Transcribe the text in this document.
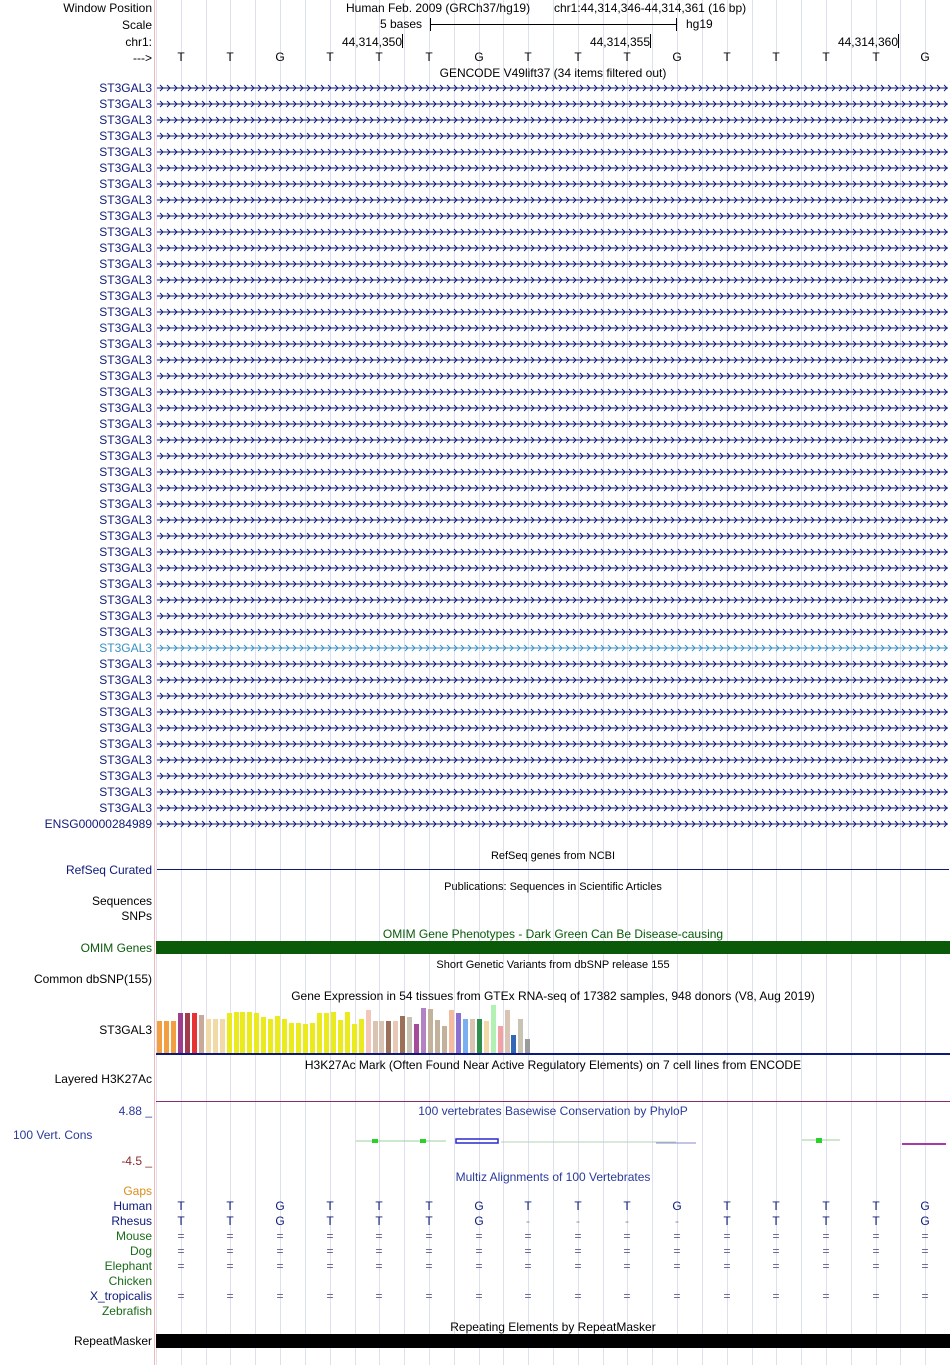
Window Position	Human Feb. 2009 (GRCh37/hg19) chr1:44,314,346-44,314,361 (16 bp)
Scale	5 bases	hg19
chr1:	44,314,350	44,314,355	44,314,360
--->	T	T	G	T	T	T	G	T	T	T	G	T	T	T	T	G
GENCODE V49lift37 (34 items filtered out)
ST3GAL3
ST3GAL3
ST3GAL3
ST3GAL3
ST3GAL3
ST3GAL3
ST3GAL3
ST3GAL3
ST3GAL3
ST3GAL3
ST3GAL3
ST3GAL3
ST3GAL3
ST3GAL3
ST3GAL3
ST3GAL3
ST3GAL3
ST3GAL3
ST3GAL3
ST3GAL3
ST3GAL3
ST3GAL3
ST3GAL3
ST3GAL3
ST3GAL3
ST3GAL3
ST3GAL3
ST3GAL3
ST3GAL3
ST3GAL3
ST3GAL3
ST3GAL3
ST3GAL3
ST3GAL3
ST3GAL3
ST3GAL3
ST3GAL3
ST3GAL3
ST3GAL3
ST3GAL3
ST3GAL3
ST3GAL3
ST3GAL3
ST3GAL3
ST3GAL3
ST3GAL3
ENSG00000284989
RefSeq genes from NCBI
RefSeq Curated
Publications: Sequences in Scientific Articles
Sequences
SNPs
OMIM Gene Phenotypes - Dark Green Can Be Disease-causing
OMIM Genes
Short Genetic Variants from dbSNP release 155
Common dbSNP(155)
Gene Expression in 54 tissues from GTEx RNA-seq of 17382 samples, 948 donors (V8, Aug 2019)
ST3GAL3
H3K27Ac Mark (Often Found Near Active Regulatory Elements) on 7 cell lines from ENCODE
Layered H3K27Ac
100 vertebrates Basewise Conservation by PhyloP
4.88 _
100 Vert. Cons
-4.5 _
Multiz Alignments of 100 Vertebrates
Gaps
Human	T	T	G	T	T	T	G	T	T	T	G	T	T	T	T	G
Rhesus	T	T	G	T	T	T	G	-	-	-	-	T	T	T	T	G
Mouse	=	=	=	=	=	=	=	=	=	=	=	=	=	=	=	=
Dog	=	=	=	=	=	=	=	=	=	=	=	=	=	=	=	=
Elephant	=	=	=	=	=	=	=	=	=	=	=	=	=	=	=	=
Chicken
X_tropicalis	=	=	=	=	=	=	=	=	=	=	=	=	=	=	=	=
Zebrafish
Repeating Elements by RepeatMasker
RepeatMasker
